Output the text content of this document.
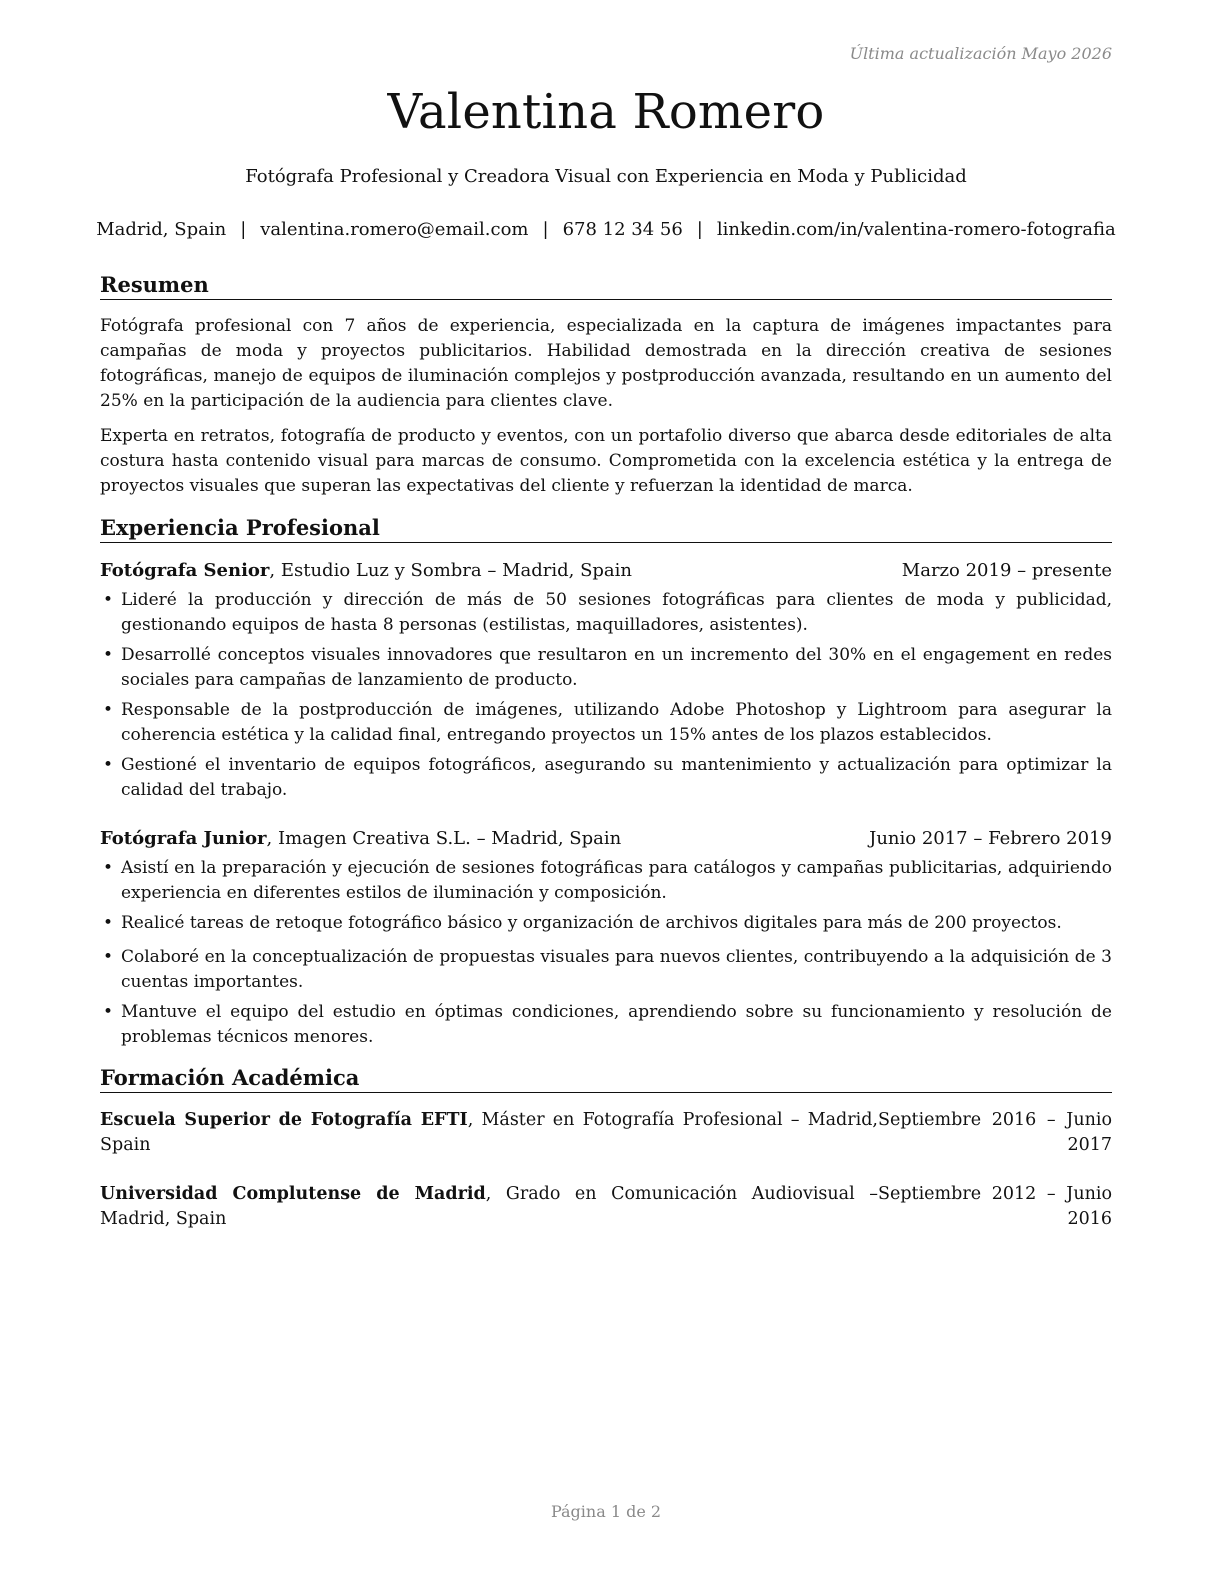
Última actualización Mayo 2026
Valentina Romero
Fotógrafa Profesional y Creadora Visual con Experiencia en Moda y Publicidad
Madrid, Spain | valentina.romero@email.com | 678 12 34 56 | linkedin.com/in/valentina-romero-fotografia
Resumen
Fotógrafa profesional con 7 años de experiencia, especializada en la captura de imágenes impactantes para campañas de moda y proyectos publicitarios. Habilidad demostrada en la dirección creativa de sesiones fotográficas, manejo de equipos de iluminación complejos y postproducción avanzada, resultando en un aumento del 25% en la participación de la audiencia para clientes clave.
Experta en retratos, fotografía de producto y eventos, con un portafolio diverso que abarca desde editoriales de alta costura hasta contenido visual para marcas de consumo. Comprometida con la excelencia estética y la entrega de proyectos visuales que superan las expectativas del cliente y refuerzan la identidad de marca.
Experiencia Profesional
Fotógrafa Senior, Estudio Luz y Sombra – Madrid, Spain	Marzo 2019 – presente
• Lideré la producción y dirección de más de 50 sesiones fotográficas para clientes de moda y publicidad, gestionando equipos de hasta 8 personas (estilistas, maquilladores, asistentes).
• Desarrollé conceptos visuales innovadores que resultaron en un incremento del 30% en el engagement en redes sociales para campañas de lanzamiento de producto.
• Responsable de la postproducción de imágenes, utilizando Adobe Photoshop y Lightroom para asegurar la coherencia estética y la calidad final, entregando proyectos un 15% antes de los plazos establecidos.
• Gestioné el inventario de equipos fotográficos, asegurando su mantenimiento y actualización para optimizar la calidad del trabajo.
Fotógrafa Junior, Imagen Creativa S.L. – Madrid, Spain	Junio 2017 – Febrero 2019
• Asistí en la preparación y ejecución de sesiones fotográficas para catálogos y campañas publicitarias, adquiriendo experiencia en diferentes estilos de iluminación y composición.
• Realicé tareas de retoque fotográfico básico y organización de archivos digitales para más de 200 proyectos.
• Colaboré en la conceptualización de propuestas visuales para nuevos clientes, contribuyendo a la adquisición de 3 cuentas importantes.
• Mantuve el equipo del estudio en óptimas condiciones, aprendiendo sobre su funcionamiento y resolución de problemas técnicos menores.
Formación Académica
Escuela Superior de Fotografía EFTI, Máster en Fotografía Profesional – Madrid, Spain
Septiembre 2016 – Junio 2017
Universidad Complutense de Madrid, Grado en Comunicación Audiovisual – Madrid, Spain
Septiembre 2012 – Junio 2016
Página 1 de 2
